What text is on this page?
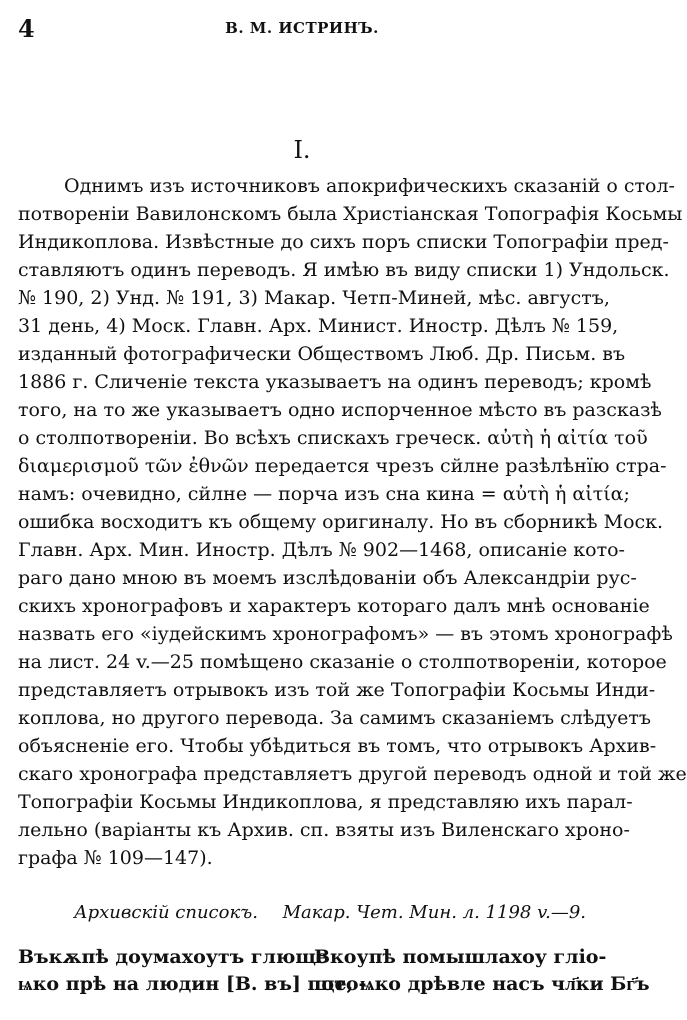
4	В. М. ИСТРИНЪ.
I.
Однимъ изъ источниковъ апокрифическихъ сказаній о стол-
потвореніи Вавилонскомъ была Христіанская Топографія Косьмы
Индикоплова. Извѣстные до сихъ поръ списки Топографіи пред-
ставляютъ одинъ переводъ. Я имѣю въ виду списки 1) Ундольск.
№ 190, 2) Унд. № 191, 3) Макар. Четп-Миней, мѣс. августъ,
31 день, 4) Моск. Главн. Арх. Минист. Иностр. Дѣлъ № 159,
изданный фотографически Обществомъ Люб. Др. Письм. въ
1886 г. Сличеніе текста указываетъ на одинъ переводъ; кромѣ
того, на то же указываетъ одно испорченное мѣсто въ разсказѣ
о столпотвореніи. Во всѣхъ спискахъ греческ. αὐτὴ ἡ αἰτία τοῦ
διαμερισμοῦ τῶν ἐθνῶν передается чрезъ сйлне разѣлѣнїю стра-
намъ: очевидно, сйлне — порча изъ сна кина = αὐτὴ ἡ αἰτία;
ошибка восходитъ къ общему оригиналу. Но въ сборникѣ Моск.
Главн. Арх. Мин. Иностр. Дѣлъ № 902—1468, описаніе кото-
раго дано мною въ моемъ изслѣдованіи объ Александріи рус-
скихъ хронографовъ и характеръ котораго далъ мнѣ основаніе
назвать его «іудейскимъ хронографомъ» — въ этомъ хронографѣ
на лист. 24 v.—25 помѣщено сказаніе о столпотвореніи, которое
представляетъ отрывокъ изъ той же Топографіи Косьмы Инди-
коплова, но другого перевода. За самимъ сказаніемъ слѣдуетъ
объясненіе его. Чтобы убѣдиться въ томъ, что отрывокъ Архив-
скаго хронографа представляетъ другой переводъ одной и той же
Топографіи Косьмы Индикоплова, я представляю ихъ парал-
лельно (варіанты къ Архив. сп. взяты изъ Виленскаго хроно-
графа № 109—147).
Архивскій списокъ. Макар. Чет. Мин. л. 1198 v.—9.
Въкѫпѣ доумахоутъ глюще
ѩко прѣ на людин [В. въ] пото-
Вкоупѣ помышлахоу гліо-
ще, ѩко дрѣвле насъ чл҃ки Бг҃ъ
